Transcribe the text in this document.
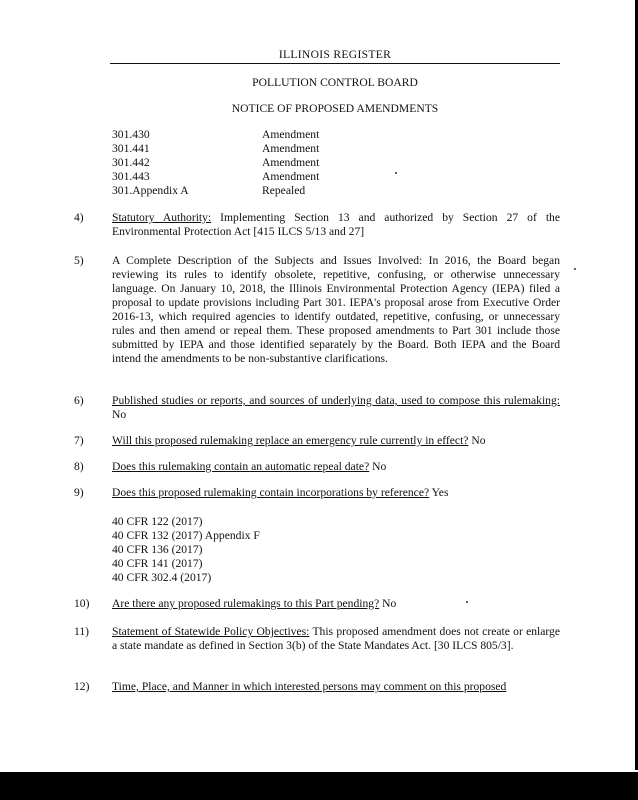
ILLINOIS REGISTER
POLLUTION CONTROL BOARD
NOTICE OF PROPOSED AMENDMENTS
301.430	Amendment
301.441	Amendment
301.442	Amendment
301.443	Amendment
301.Appendix A	Repealed
4)	Statutory Authority: Implementing Section 13 and authorized by Section 27 of the Environmental Protection Act [415 ILCS 5/13 and 27]
5)	A Complete Description of the Subjects and Issues Involved: In 2016, the Board began reviewing its rules to identify obsolete, repetitive, confusing, or otherwise unnecessary language. On January 10, 2018, the Illinois Environmental Protection Agency (IEPA) filed a proposal to update provisions including Part 301. IEPA's proposal arose from Executive Order 2016-13, which required agencies to identify outdated, repetitive, confusing, or unnecessary rules and then amend or repeal them. These proposed amendments to Part 301 include those submitted by IEPA and those identified separately by the Board. Both IEPA and the Board intend the amendments to be non-substantive clarifications.
6)	Published studies or reports, and sources of underlying data, used to compose this rulemaking: No
7)	Will this proposed rulemaking replace an emergency rule currently in effect? No
8)	Does this rulemaking contain an automatic repeal date? No
9)	Does this proposed rulemaking contain incorporations by reference? Yes
40 CFR 122 (2017)
40 CFR 132 (2017) Appendix F
40 CFR 136 (2017)
40 CFR 141 (2017)
40 CFR 302.4 (2017)
10)	Are there any proposed rulemakings to this Part pending? No
11)	Statement of Statewide Policy Objectives: This proposed amendment does not create or enlarge a state mandate as defined in Section 3(b) of the State Mandates Act. [30 ILCS 805/3].
12)	Time, Place, and Manner in which interested persons may comment on this proposed
